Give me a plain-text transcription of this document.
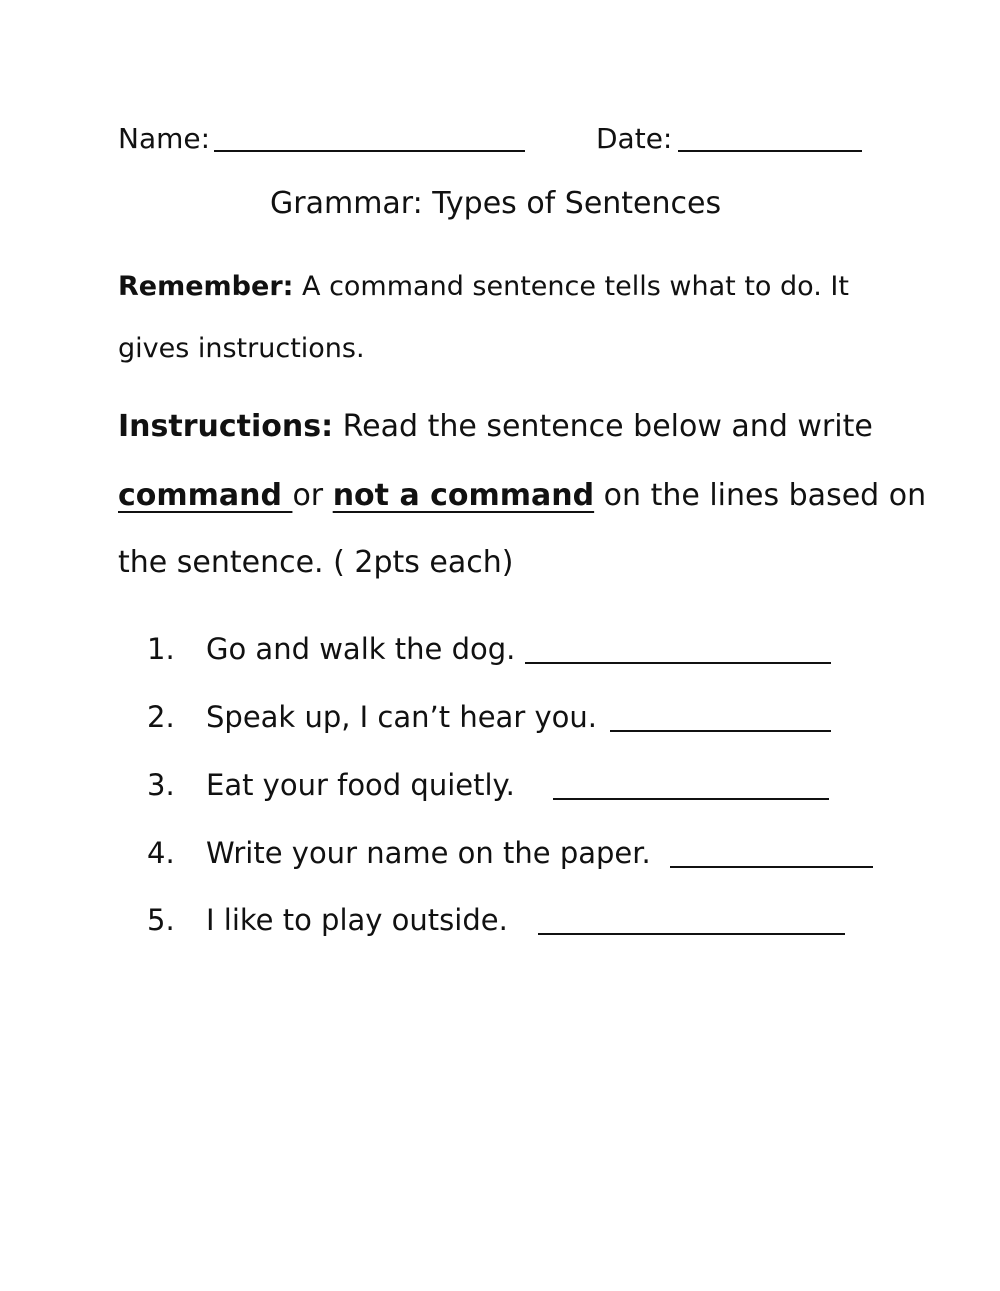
Name:	Date:
Grammar: Types of Sentences
Remember: A command sentence tells what to do. It
gives instructions.
Instructions: Read the sentence below and write
command or not a command on the lines based on
the sentence. ( 2pts each)
1. Go and walk the dog.
2. Speak up, I can’t hear you.
3. Eat your food quietly.
4. Write your name on the paper.
5. I like to play outside.
